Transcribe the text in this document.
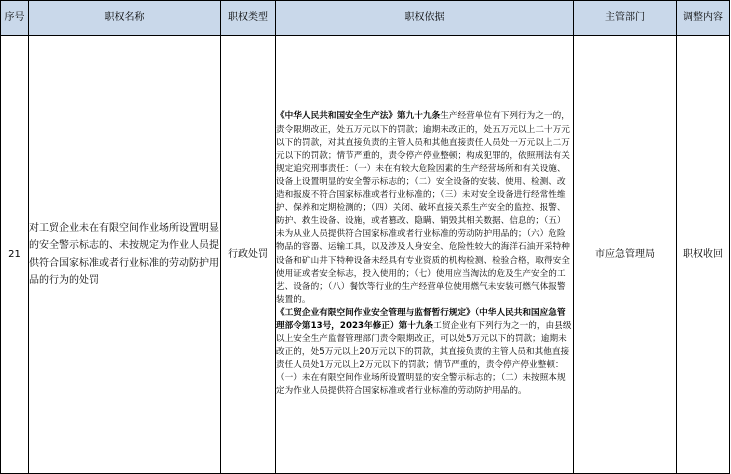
序号	职权名称	职权类型	职权依据	主管部门	调整内容
21	对工贸企业未在有限空间作业场所设置明显的安全警示标志的、未按规定为作业人员提供符合国家标准或者行业标准的劳动防护用品的行为的处罚	行政处罚	《中华人民共和国安全生产法》第九十九条生产经营单位有下列行为之一的，责令限期改正，处五万元以下的罚款；逾期未改正的，处五万元以上二十万元以下的罚款，对其直接负责的主管人员和其他直接责任人员处一万元以上二万元以下的罚款；情节严重的，责令停产停业整顿；构成犯罪的，依照刑法有关规定追究刑事责任：（一）未在有较大危险因素的生产经营场所和有关设施、设备上设置明显的安全警示标志的；（二）安全设备的安装、使用、检测、改造和报废不符合国家标准或者行业标准的；（三）未对安全设备进行经常性维护、保养和定期检测的；（四）关闭、破坏直接关系生产安全的监控、报警、防护、救生设备、设施，或者篡改、隐瞒、销毁其相关数据、信息的；（五）未为从业人员提供符合国家标准或者行业标准的劳动防护用品的；（六）危险物品的容器、运输工具，以及涉及人身安全、危险性较大的海洋石油开采特种设备和矿山井下特种设备未经具有专业资质的机构检测、检验合格，取得安全使用证或者安全标志，投入使用的；（七）使用应当淘汰的危及生产安全的工艺、设备的；（八）餐饮等行业的生产经营单位使用燃气未安装可燃气体报警装置的。

《工贸企业有限空间作业安全管理与监督暂行规定》（中华人民共和国应急管理部令第13号，2023年修正）第十九条工贸企业有下列行为之一的，由县级以上安全生产监督管理部门责令限期改正，可以处5万元以下的罚款；逾期未改正的，处5万元以上20万元以下的罚款，其直接负责的主管人员和其他直接责任人员处1万元以上2万元以下的罚款；情节严重的，责令停产停业整顿：（一）未在有限空间作业场所设置明显的安全警示标志的；（二）未按照本规定为作业人员提供符合国家标准或者行业标准的劳动防护用品的。	市应急管理局	职权收回
